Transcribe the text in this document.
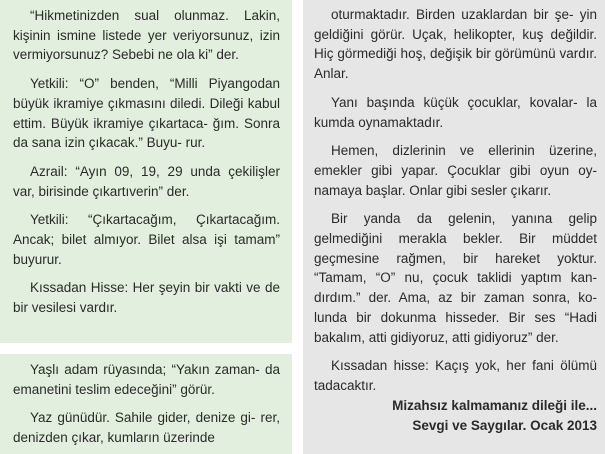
“Hikmetinizden sual olunmaz. Lakin, kişinin ismine listede yer veriyorsunuz, izin vermiyorsunuz? Sebebi ne ola ki” der.

Yetkili: “O” benden, “Milli Piyangodan büyük ikramiye çıkmasını diledi. Dileği kabul ettim. Büyük ikramiye çıkartaca- ğım. Sonra da sana izin çıkacak.” Buyu- rur.

Azrail: “Ayın 09, 19, 29 unda çekilişler var, birisinde çıkartıverin” der.

Yetkili: “Çıkartacağım, Çıkartacağım. Ancak; bilet almıyor. Bilet alsa işi tamam” buyurur.

Kıssadan Hisse: Her şeyin bir vakti ve de bir vesilesi vardır.

Yaşlı adam rüyasında; “Yakın zaman- da emanetini teslim edeceğini” görür.

Yaz günüdür. Sahile gider, denize gi- rer, denizden çıkar, kumların üzerinde

oturmaktadır. Birden uzaklardan bir şe- yin geldiğini görür. Uçak, helikopter, kuş değildir. Hiç görmediği hoş, değişik bir görümünü vardır. Anlar.

Yanı başında küçük çocuklar, kovalar- la kumda oynamaktadır.

Hemen, dizlerinin ve ellerinin üzerine, emekler gibi yapar. Çocuklar gibi oyun oy- namaya başlar. Onlar gibi sesler çıkarır.

Bir yanda da gelenin, yanına gelip gelmediğini merakla bekler. Bir müddet geçmesine rağmen, bir hareket yoktur. “Tamam, “O” nu, çocuk taklidi yaptım kan- dırdım.” der. Ama, az bir zaman sonra, ko- lunda bir dokunma hisseder. Bir ses “Hadi bakalım, atti gidiyoruz, atti gidiyoruz” der.

Kıssadan hisse: Kaçış yok, her fani ölümü tadacaktır.

Mizahsız kalmamanız dileği ile...
Sevgi ve Saygılar. Ocak 2013
